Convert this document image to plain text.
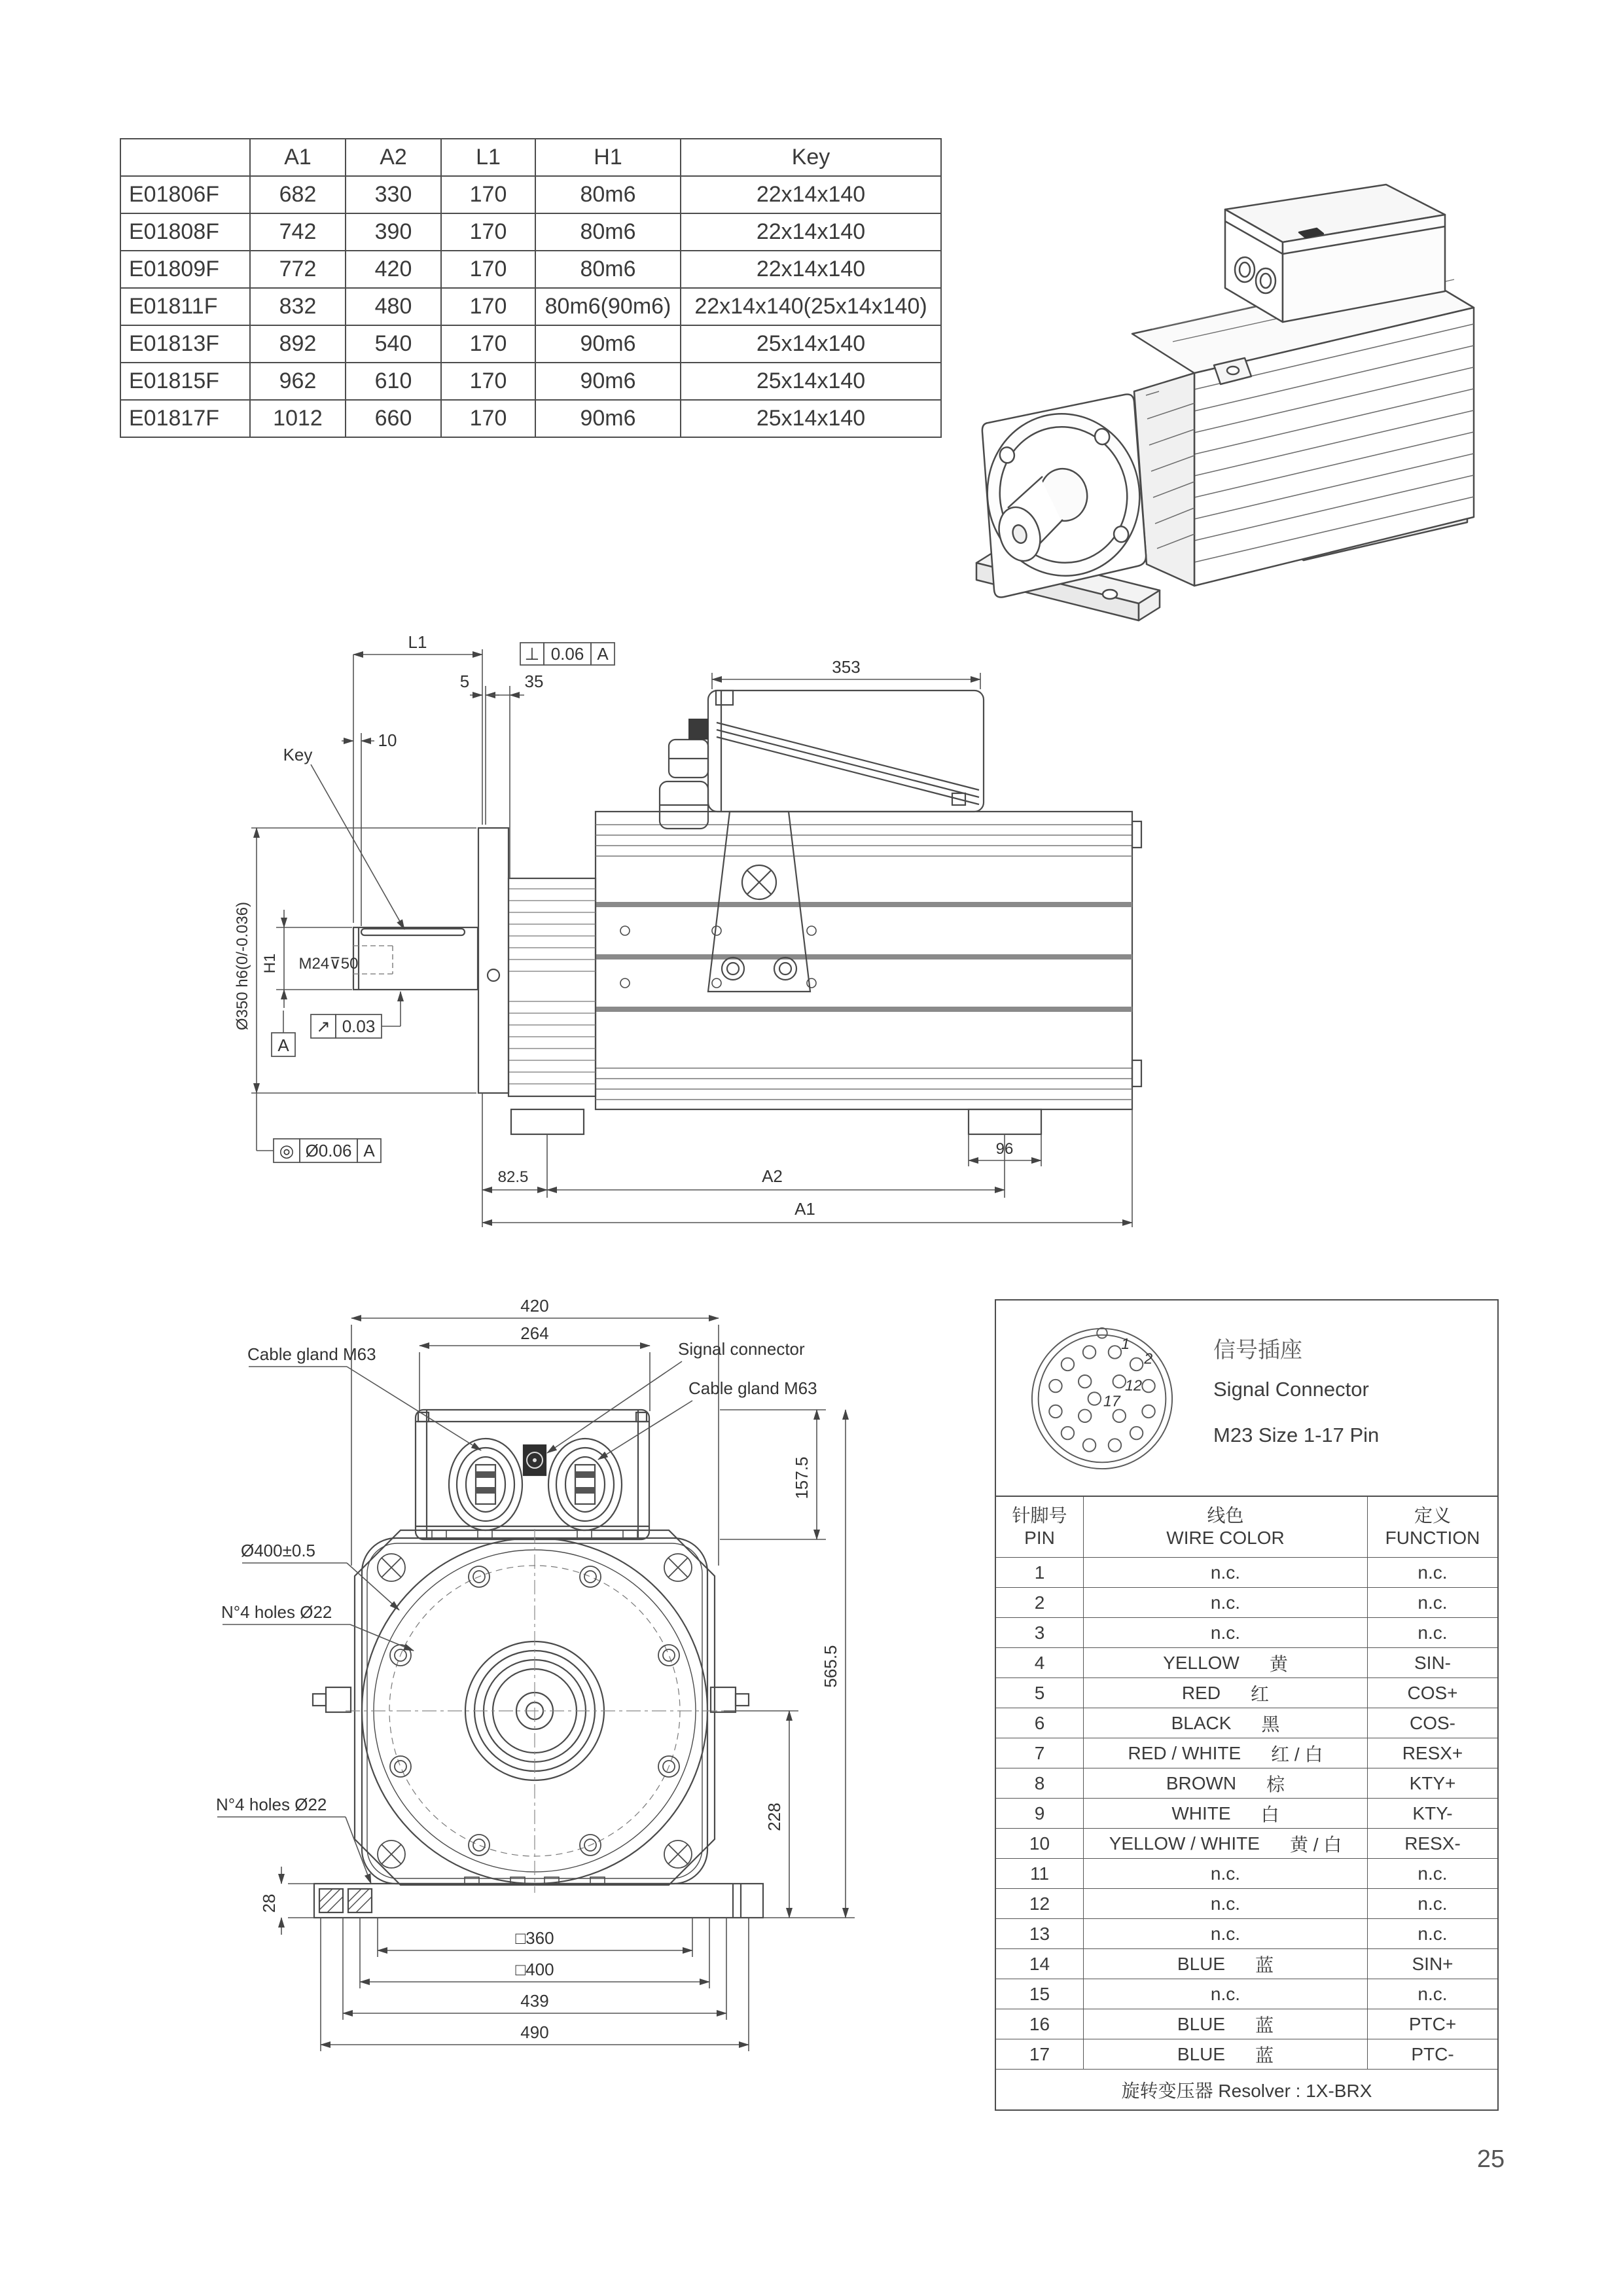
	A1	A2	L1	H1	Key
E01806F	682	330	170	80m6	22x14x140
E01808F	742	390	170	80m6	22x14x140
E01809F	772	420	170	80m6	22x14x140
E01811F	832	480	170	80m6(90m6)	22x14x140(25x14x140)
E01813F	892	540	170	90m6	25x14x140
E01815F	962	610	170	90m6	25x14x140
E01817F	1012	660	170	90m6	25x14x140
L1
⊥ 0.06 A
5	35
353
10
Key
Ø350 h6(0/-0.036) H1 M24⊽50
↗ 0.03
A
◎ Ø0.06 A
82.5	A2
A1
96
420
264
Cable gland M63	Signal connector
Cable gland M63
Ø400±0.5
N°4 holes Ø22
N°4 holes Ø22
157.5
565.5
228
28
□360
□400
439
490
1
2
12
17
信号插座
Signal Connector
M23 Size 1-17 Pin
针脚号
PIN
线色
WIRE COLOR
定义
FUNCTION
1	n.c.	n.c.
2	n.c.	n.c.
3	n.c.	n.c.
4	YELLOW 黄	SIN-
5	RED 红	COS+
6	BLACK 黑	COS-
7	RED / WHITE 红 / 白	RESX+
8	BROWN 棕	KTY+
9	WHITE 白	KTY-
10	YELLOW / WHITE 黄 / 白	RESX-
11	n.c.	n.c.
12	n.c.	n.c.
13	n.c.	n.c.
14	BLUE 蓝	SIN+
15	n.c.	n.c.
16	BLUE 蓝	PTC+
17	BLUE 蓝	PTC-
旋转变压器 Resolver : 1X-BRX
25
